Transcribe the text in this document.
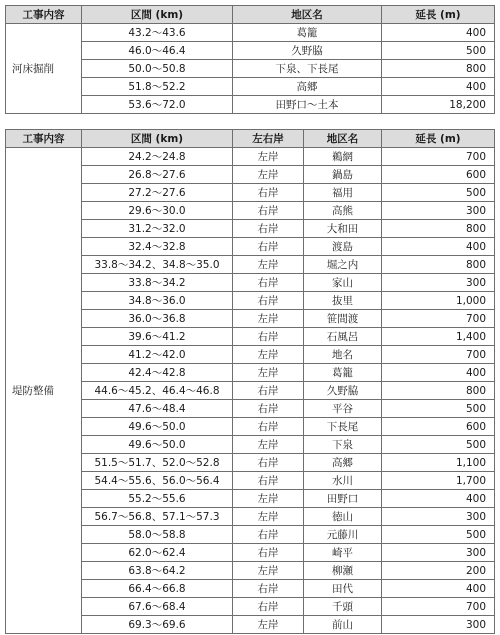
工事内容	区間 (km)	地区名	延長 (m)
河床掘削	43.2～43.6	葛籠	400
	46.0～46.4	久野脇	500
	50.0～50.8	下泉、下長尾	800
	51.8～52.2	高郷	400
	53.6～72.0	田野口～土本	18,200
工事内容	区間 (km)	左右岸	地区名	延長 (m)
堤防整備	24.2～24.8	左岸	鵜網	700
	26.8～27.6	左岸	鍋島	600
	27.2～27.6	右岸	福用	500
	29.6～30.0	右岸	高熊	300
	31.2～32.0	右岸	大和田	800
	32.4～32.8	右岸	渡島	400
	33.8～34.2、34.8～35.0	左岸	堀之内	800
	33.8～34.2	右岸	家山	300
	34.8～36.0	右岸	抜里	1,000
	36.0～36.8	左岸	笹間渡	700
	39.6～41.2	右岸	石風呂	1,400
	41.2～42.0	左岸	地名	700
	42.4～42.8	左岸	葛籠	400
	44.6～45.2、46.4～46.8	右岸	久野脇	800
	47.6～48.4	右岸	平谷	500
	49.6～50.0	右岸	下長尾	600
	49.6～50.0	左岸	下泉	500
	51.5～51.7、52.0～52.8	右岸	高郷	1,100
	54.4～55.6、56.0～56.4	右岸	水川	1,700
	55.2～55.6	左岸	田野口	400
	56.7～56.8、57.1～57.3	左岸	徳山	300
	58.0～58.8	右岸	元藤川	500
	62.0～62.4	右岸	崎平	300
	63.8～64.2	左岸	柳瀬	200
	66.4～66.8	右岸	田代	400
	67.6～68.4	右岸	千頭	700
	69.3～69.6	左岸	前山	300
